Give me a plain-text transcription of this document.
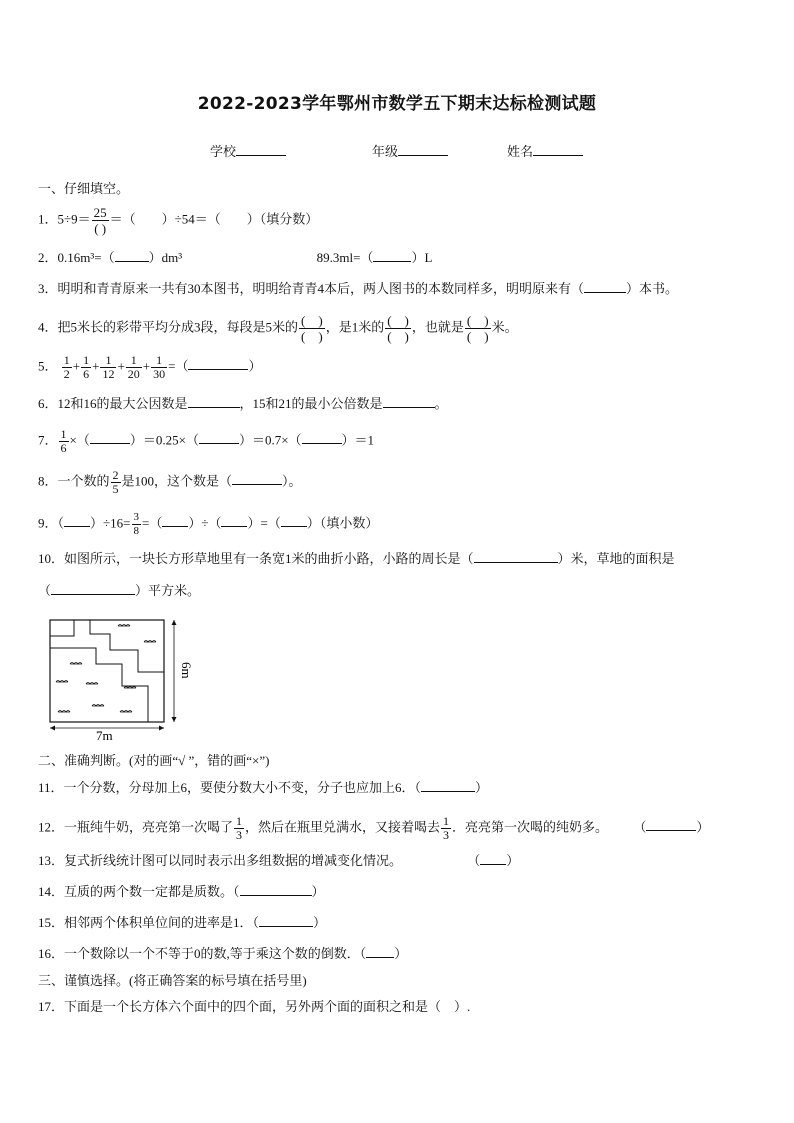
2022-2023学年鄂州市数学五下期末达标检测试题
学校	年级	姓名
一、仔细填空。
1．$5\div 9= \frac{25}{( )}$ ＝（　　）÷54＝（　　）（填分数）
2．0.16m³=（	）dm³	89.3ml=（	）L
3．明明和青青原来一共有30本图书，明明给青青4本后，两人图书的本数同样多，明明原来有（	）本书。
4．把5米长的彩带平均分成3段，每段是5米的 $\frac{( )}{( )}$ ，是1米的 $\frac{( )}{( )}$ ，也就是 $\frac{( )}{( )}$ 米。
5． $\frac{1}{2} + \frac{1}{6} + \frac{1}{12} + \frac{1}{20} + \frac{1}{30}$ =（	）
6．12和16的最大公因数是	，15和21的最小公倍数是	。
7． $\frac{1}{6}$ ×（	）＝0.25×（	）＝0.7×（	）＝1
8．一个数的 $\frac{2}{5}$ 是100，这个数是（	）。
9．（ ）$\div 16= \frac{3}{8}$ =（ ）÷（ ）=（ ）（填小数）
10．如图所示，一块长方形草地里有一条宽1米的曲折小路，小路的周长是（	）米，草地的面积是
（	）平方米。
7m
6m
二、准确判断。(对的画“√ ”，错的画“×”)
11．一个分数，分母加上6，要使分数大小不变，分子也应加上6．（	）
12．一瓶纯牛奶，亮亮第一次喝了 $\frac{1}{3}$ ，然后在瓶里兑满水，又接着喝去 $\frac{1}{3}$ ．亮亮第一次喝的纯奶多。 （	）
13．复式折线统计图可以同时表示出多组数据的增减变化情况。	（ ）
14．互质的两个数一定都是质数。（	）
15．相邻两个体积单位间的进率是1．（	）
16．一个数除以一个不等于0的数,等于乘这个数的倒数．（ ）
三、谨慎选择。(将正确答案的标号填在括号里)
17．下面是一个长方体六个面中的四个面，另外两个面的面积之和是（　）.
